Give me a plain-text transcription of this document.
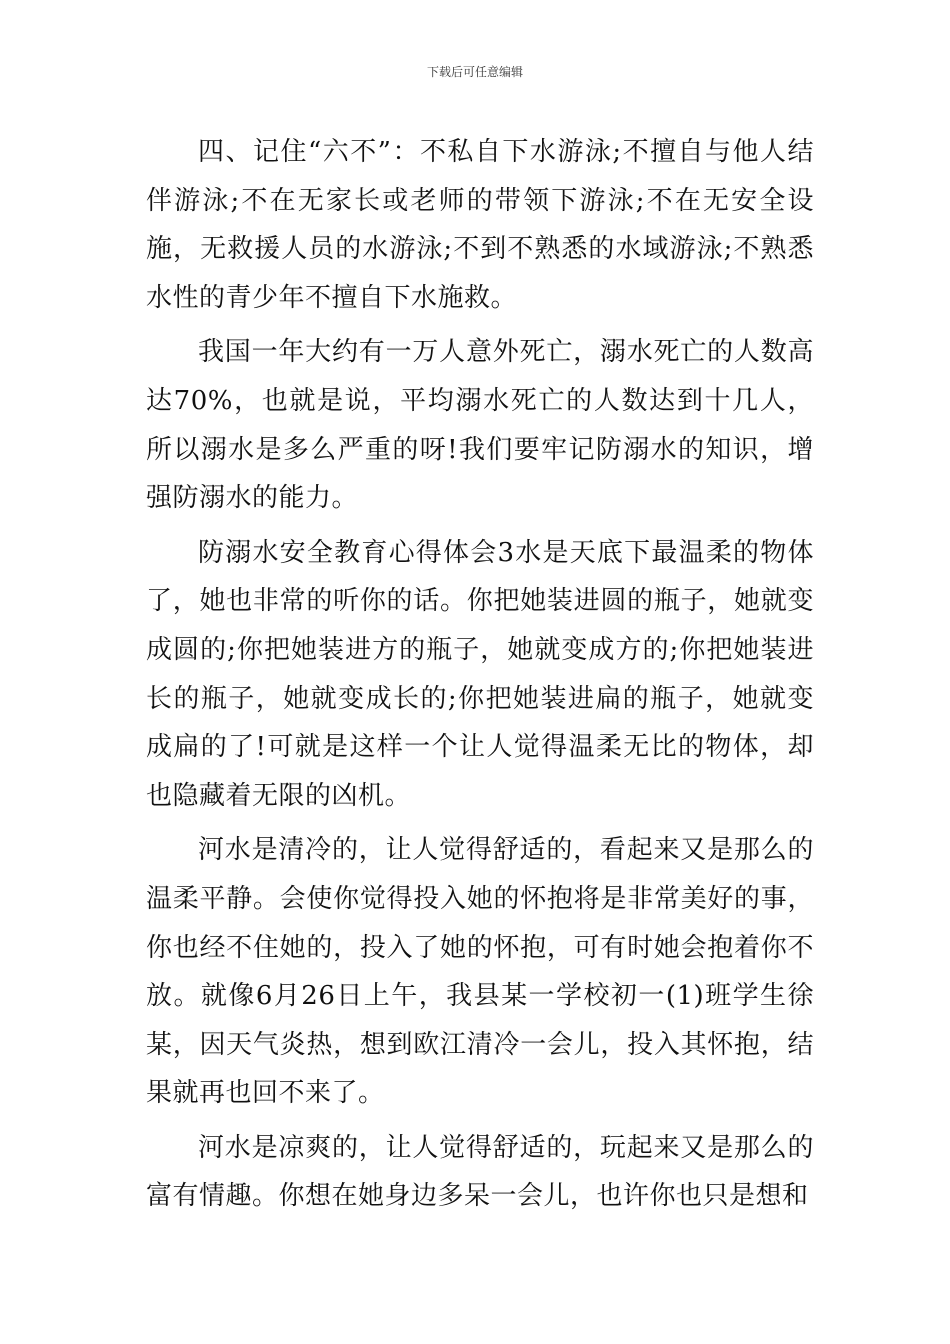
下载后可任意编辑

四、记住“六不”：不私自下水游泳;不擅自与他人结伴游泳;不在无家长或老师的带领下游泳;不在无安全设施，无救援人员的水游泳;不到不熟悉的水域游泳;不熟悉水性的青少年不擅自下水施救。

我国一年大约有一万人意外死亡，溺水死亡的人数高达70%，也就是说，平均溺水死亡的人数达到十几人，所以溺水是多么严重的呀!我们要牢记防溺水的知识，增强防溺水的能力。

防溺水安全教育心得体会3水是天底下最温柔的物体了，她也非常的听你的话。你把她装进圆的瓶子，她就变成圆的;你把她装进方的瓶子，她就变成方的;你把她装进长的瓶子，她就变成长的;你把她装进扁的瓶子，她就变成扁的了!可就是这样一个让人觉得温柔无比的物体，却也隐藏着无限的凶机。

河水是清冷的，让人觉得舒适的，看起来又是那么的温柔平静。会使你觉得投入她的怀抱将是非常美好的事，你也经不住她的，投入了她的怀抱，可有时她会抱着你不放。就像6月26日上午，我县某一学校初一(1)班学生徐某，因天气炎热，想到欧江清冷一会儿，投入其怀抱，结果就再也回不来了。

河水是凉爽的，让人觉得舒适的，玩起来又是那么的富有情趣。你想在她身边多呆一会儿，也许你也只是想和
